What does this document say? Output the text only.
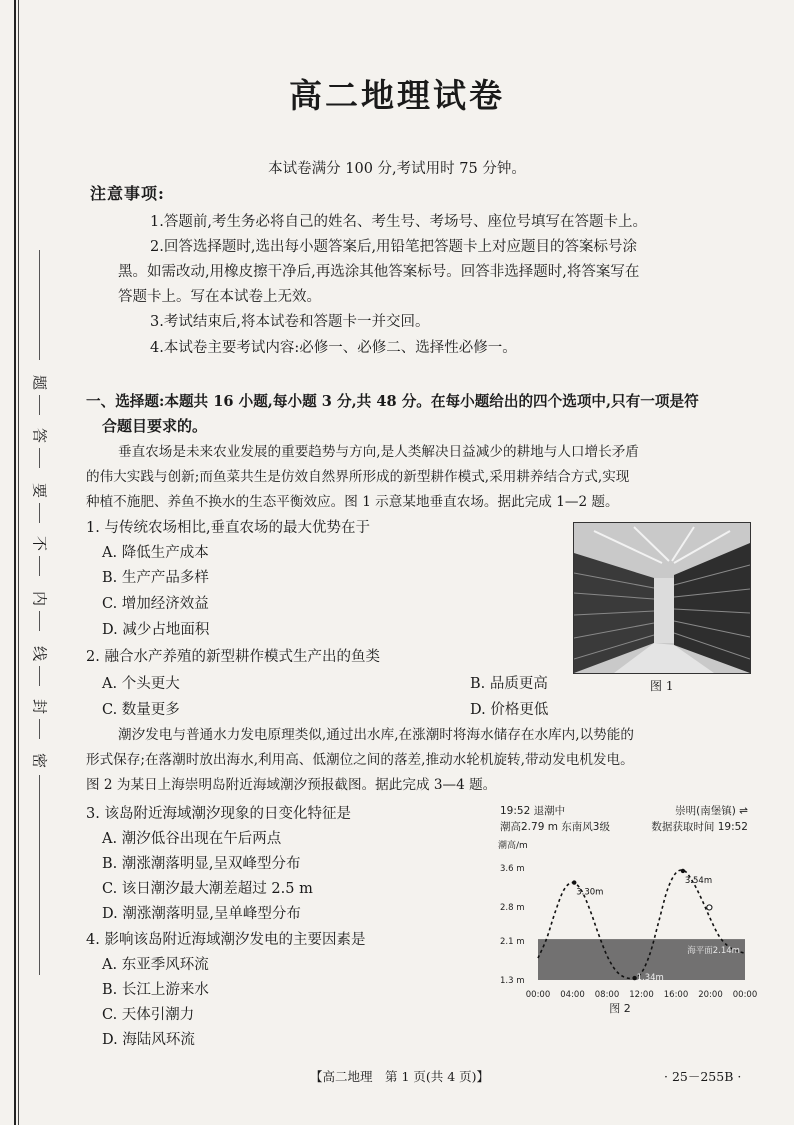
题
答
要
不
内
线
封
密
高二地理试卷
本试卷满分 100 分,考试用时 75 分钟。
注意事项:
1.答题前,考生务必将自己的姓名、考生号、考场号、座位号填写在答题卡上。
2.回答选择题时,选出每小题答案后,用铅笔把答题卡上对应题目的答案标号涂
黑。如需改动,用橡皮擦干净后,再选涂其他答案标号。回答非选择题时,将答案写在
答题卡上。写在本试卷上无效。
3.考试结束后,将本试卷和答题卡一并交回。
4.本试卷主要考试内容:必修一、必修二、选择性必修一。
一、选择题:本题共 16 小题,每小题 3 分,共 48 分。在每小题给出的四个选项中,只有一项是符
合题目要求的。
垂直农场是未来农业发展的重要趋势与方向,是人类解决日益减少的耕地与人口增长矛盾
的伟大实践与创新;而鱼菜共生是仿效自然界所形成的新型耕作模式,采用耕养结合方式,实现
种植不施肥、养鱼不换水的生态平衡效应。图 1 示意某地垂直农场。据此完成 1—2 题。
1. 与传统农场相比,垂直农场的最大优势在于
A. 降低生产成本
B. 生产产品多样
C. 增加经济效益
D. 减少占地面积
2. 融合水产养殖的新型耕作模式生产出的鱼类
A. 个头更大	B. 品质更高
C. 数量更多	D. 价格更低
图 1
潮汐发电与普通水力发电原理类似,通过出水库,在涨潮时将海水储存在水库内,以势能的
形式保存;在落潮时放出海水,利用高、低潮位之间的落差,推动水轮机旋转,带动发电机发电。
图 2 为某日上海崇明岛附近海域潮汐预报截图。据此完成 3—4 题。
3. 该岛附近海域潮汐现象的日变化特征是
A. 潮汐低谷出现在午后两点
B. 潮涨潮落明显,呈双峰型分布
C. 该日潮汐最大潮差超过 2.5 m
D. 潮涨潮落明显,呈单峰型分布
4. 影响该岛附近海域潮汐发电的主要因素是
A. 东亚季风环流
B. 长江上游来水
C. 天体引潮力
D. 海陆风环流
19:52 退潮中
潮高2.79 m 东南风3级
崇明(南堡镇) ⇌
数据获取时间 19:52
潮高/m
3.6 m
2.8 m
2.1 m
1.3 m
00:00 04:00 08:00 12:00 16:00 20:00 00:00
3.30m
1.34m
3.54m
海平面2.14m
图 2
【高二地理　第 1 页(共 4 页)】	· 25－255B ·
